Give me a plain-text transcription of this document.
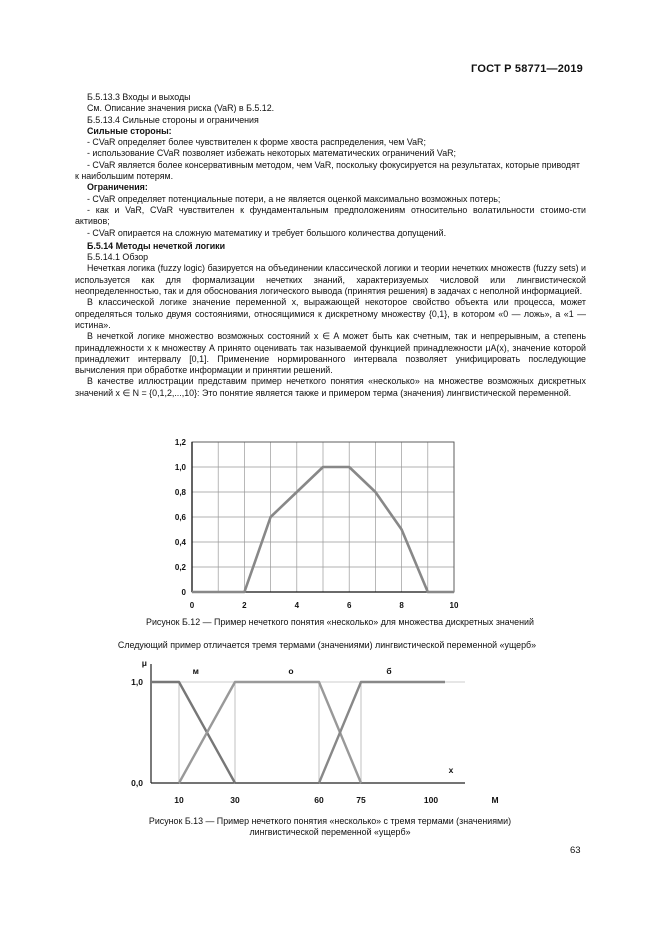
ГОСТ Р 58771—2019

Б.5.13.3 Входы и выходы

См. Описание значения риска (VaR) в Б.5.12.

Б.5.13.4 Сильные стороны и ограничения

Сильные стороны:

- CVaR определяет более чувствителен к форме хвоста распределения, чем VaR;

- использование CVaR позволяет избежать некоторых математических ограничений VaR;

- CVaR является более консервативным методом, чем VaR, поскольку фокусируется на результатах, которые приводят к наибольшим потерям.

Ограничения:

- CVaR определяет потенциальные потери, а не является оценкой максимально возможных потерь;

- как и VaR, CVaR чувствителен к фундаментальным предположениям относительно волатильности стоимо-сти активов;

- CVaR опирается на сложную математику и требует большого количества допущений.

Б.5.14 Методы нечеткой логики

Б.5.14.1 Обзор

Нечеткая логика (fuzzy logic) базируется на объединении классической логики и теории нечетких множеств (fuzzy sets) и используется как для формализации нечетких знаний, характеризуемых числовой или лингвистической неопределенностью, так и для обоснования логического вывода (принятия решения) в задачах с неполной информацией.

В классической логике значение переменной x, выражающей некоторое свойство объекта или процесса, может определяться только двумя состояниями, относящимися к дискретному множеству {0,1}, в котором «0 — ложь», а «1 — истина».

В нечеткой логике множество возможных состояний x ∈ A может быть как счетным, так и непрерывным, а степень принадлежности x к множеству A принято оценивать так называемой функцией принадлежности μA(x), значение которой принадлежит интервалу [0,1]. Применение нормированного интервала позволяет унифицировать последующие вычисления при обработке информации и принятии решений.

В качестве иллюстрации представим пример нечеткого понятия «несколько» на множестве возможных дискретных значений x ∈ N = {0,1,2,...,10}: Это понятие является также и примером терма (значения) лингвистической переменной.

0
0,2
0,4
0,6
0,8
1,0
1,2
0	2	4	6	8	10
Рисунок Б.12 — Пример нечеткого понятия «несколько» для множества дискретных значений
Следующий пример отличается тремя термами (значениями) лингвистической переменной «ущерб»
μ
1,0
0,0
10	30	60	75	100
x
M
м	о	б
Рисунок Б.13 — Пример нечеткого понятия «несколько» с тремя термами (значениями)
лингвистической переменной «ущерб»
63
